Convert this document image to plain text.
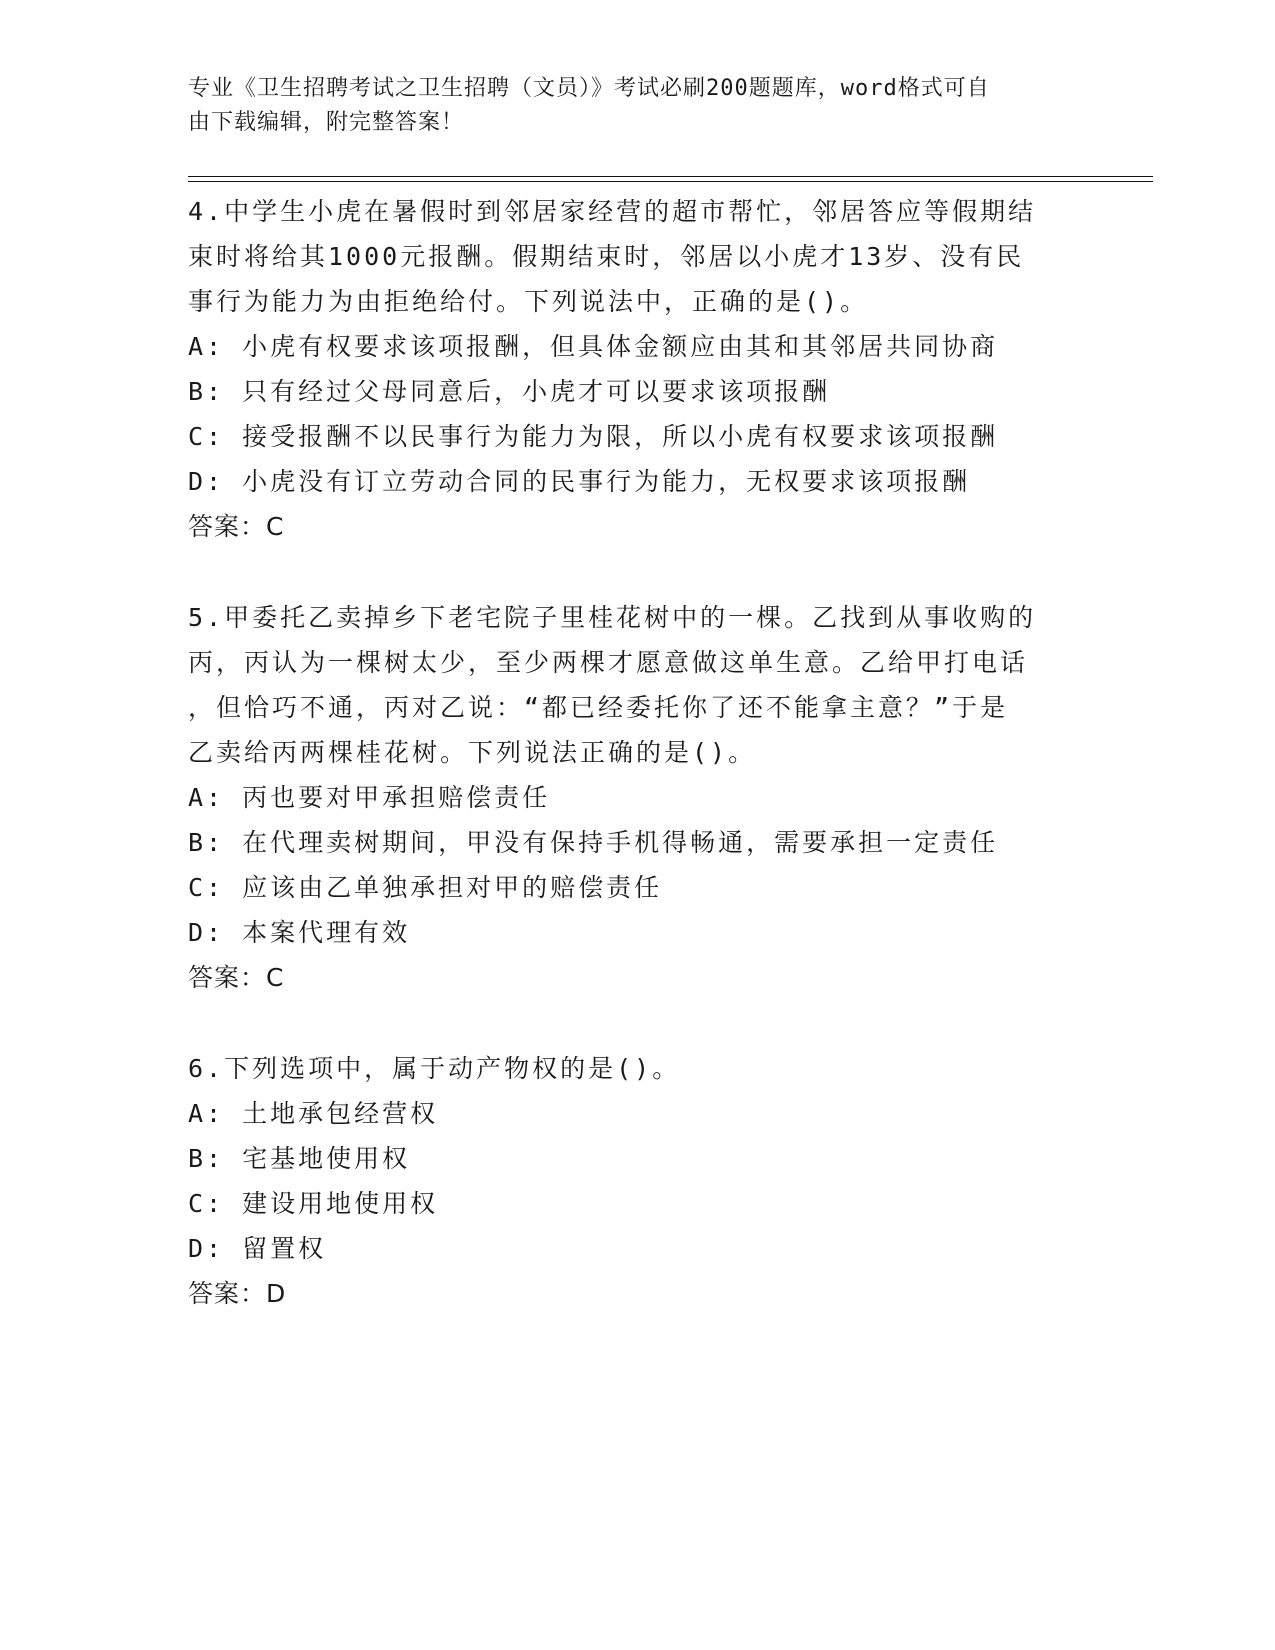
专业《卫生招聘考试之卫生招聘（文员）》考试必刷200题题库，word格式可自
由下载编辑，附完整答案！

4.中学生小虎在暑假时到邻居家经营的超市帮忙，邻居答应等假期结
束时将给其1000元报酬。假期结束时，邻居以小虎才13岁、没有民
事行为能力为由拒绝给付。下列说法中，正确的是()。

A: 小虎有权要求该项报酬，但具体金额应由其和其邻居共同协商

B: 只有经过父母同意后，小虎才可以要求该项报酬

C: 接受报酬不以民事行为能力为限，所以小虎有权要求该项报酬

D: 小虎没有订立劳动合同的民事行为能力，无权要求该项报酬

答案：C

5.甲委托乙卖掉乡下老宅院子里桂花树中的一棵。乙找到从事收购的
丙，丙认为一棵树太少，至少两棵才愿意做这单生意。乙给甲打电话
，但恰巧不通，丙对乙说：“都已经委托你了还不能拿主意？”于是
乙卖给丙两棵桂花树。下列说法正确的是()。

A: 丙也要对甲承担赔偿责任

B: 在代理卖树期间，甲没有保持手机得畅通，需要承担一定责任

C: 应该由乙单独承担对甲的赔偿责任

D: 本案代理有效

答案：C

6.下列选项中，属于动产物权的是()。

A: 土地承包经营权

B: 宅基地使用权

C: 建设用地使用权

D: 留置权

答案：D
